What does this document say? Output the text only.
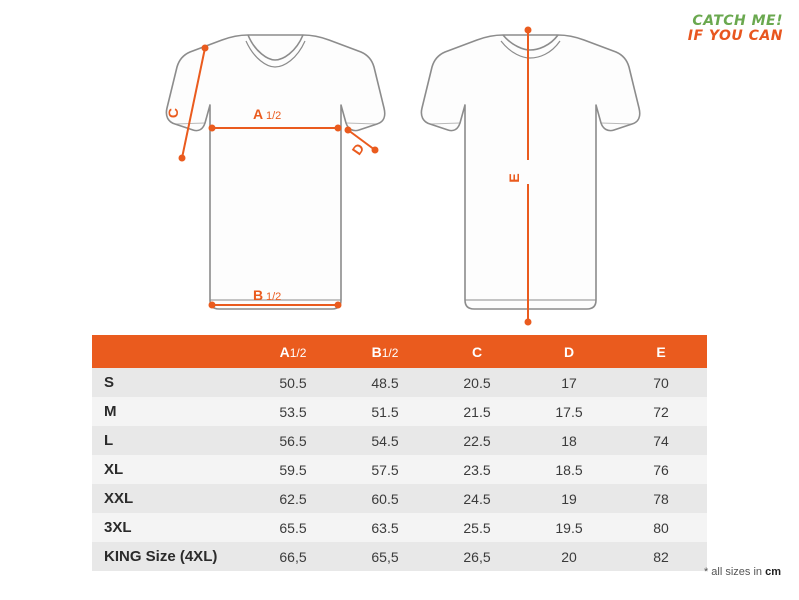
CATCH ME!
IF YOU CAN
C	A 1/2
D
B 1/2
E
	A1/2	B1/2	C	D	E
S	50.5	48.5	20.5	17	70
M	53.5	51.5	21.5	17.5	72
L	56.5	54.5	22.5	18	74
XL	59.5	57.5	23.5	18.5	76
XXL	62.5	60.5	24.5	19	78
3XL	65.5	63.5	25.5	19.5	80
KING Size (4XL)	66,5	65,5	26,5	20	82
* all sizes in cm
